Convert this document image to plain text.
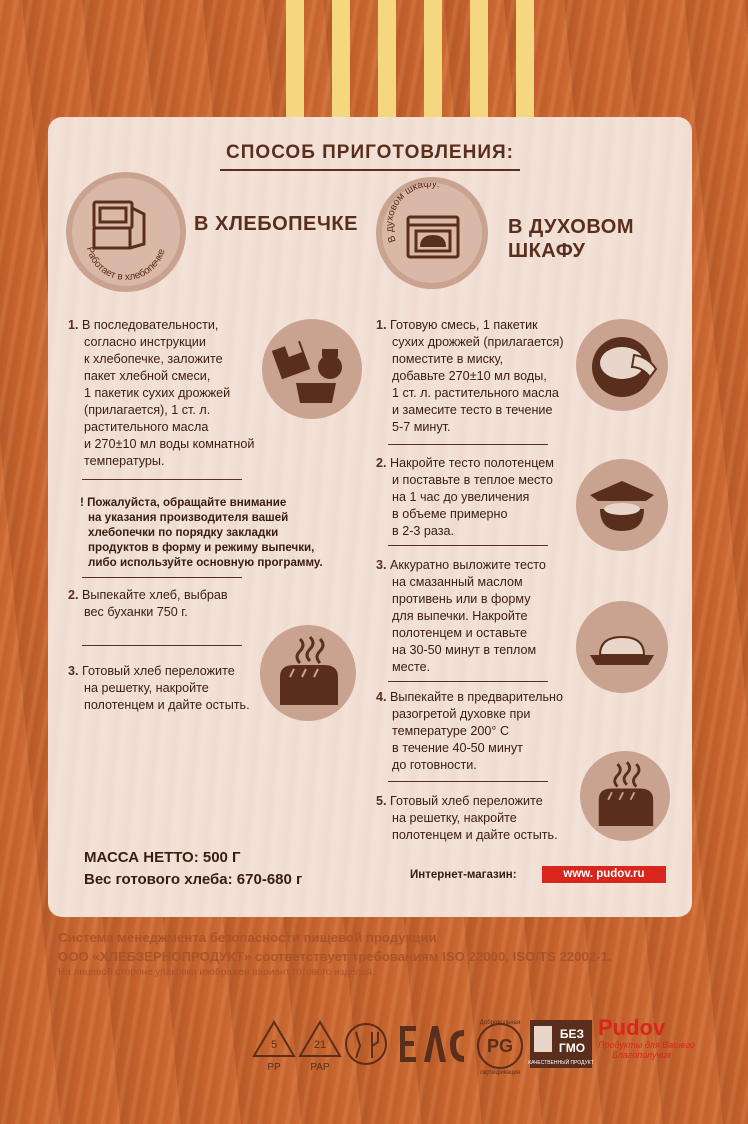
СПОСОБ ПРИГОТОВЛЕНИЯ:
Работает в хлебопечке
В ХЛЕБОПЕЧКЕ
В духовом шкафу:
В ДУХОВОМ
ШКАФУ
1. В последовательности,
согласно инструкции
к хлебопечке, заложите
пакет хлебной смеси,
1 пакетик сухих дрожжей
(прилагается), 1 ст. л.
растительного масла
и 270±10 мл воды комнатной
температуры.
! Пожалуйста, обращайте внимание
на указания производителя вашей
хлебопечки по порядку закладки
продуктов в форму и режиму выпечки,
либо используйте основную программу.
2. Выпекайте хлеб, выбрав
вес буханки 750 г.
3. Готовый хлеб переложите
на решетку, накройте
полотенцем и дайте остыть.
1. Готовую смесь, 1 пакетик
сухих дрожжей (прилагается)
поместите в миску,
добавьте 270±10 мл воды,
1 ст. л. растительного масла
и замесите тесто в течение
5-7 минут.
2. Накройте тесто полотенцем
и поставьте в теплое место
на 1 час до увеличения
в объеме примерно
в 2-3 раза.
3. Аккуратно выложите тесто
на смазанный маслом
противень или в форму
для выпечки. Накройте
полотенцем и оставьте
на 30-50 минут в теплом
месте.
4. Выпекайте в предварительно
разогретой духовке при
температуре 200° С
в течение 40-50 минут
до готовности.
5. Готовый хлеб переложите
на решетку, накройте
полотенцем и дайте остыть.
МАССА НЕТТО: 500 Г
Вес готового хлеба: 670-680 г	Интернет-магазин:	www. pudov.ru
Система менеджмента безопасности пищевой продукции
ООО «ХЛЕБЗЕРНОПРОДУКТ» соответствует требованиям ISO 22000, ISO/TS 22002-1.
На лицевой стороне упаковки изображен вариант готового изделия.
5
PP
21
PAP
PG
Добровольная
сертификация
БЕЗ
ГМО
КАЧЕСТВЕННЫЙ ПРОДУКТ
Pudov
Продукты для Вашего
Благополучия
